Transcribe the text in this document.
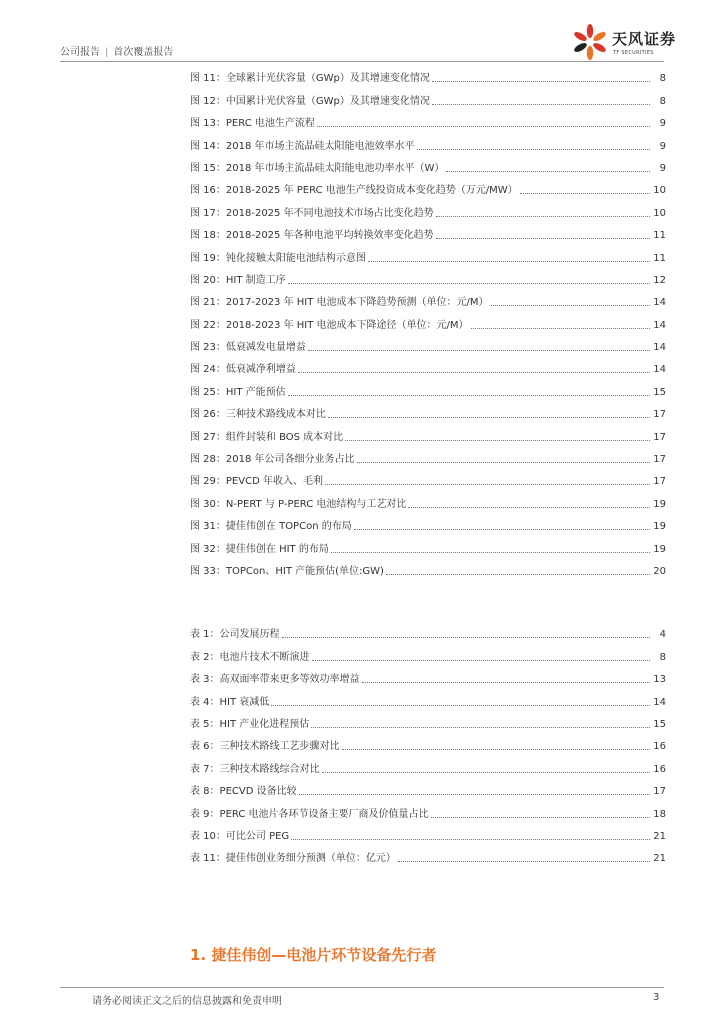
公司报告 | 首次覆盖报告
天风证券
TF SECURITIES
图 11：全球累计光伏容量（GWp）及其增速变化情况	8
图 12：中国累计光伏容量（GWp）及其增速变化情况	8
图 13：PERC 电池生产流程	9
图 14：2018 年市场主流晶硅太阳能电池效率水平	9
图 15：2018 年市场主流晶硅太阳能电池功率水平（W）	9
图 16：2018-2025 年 PERC 电池生产线投资成本变化趋势（万元/MW）	10
图 17：2018-2025 年不同电池技术市场占比变化趋势	10
图 18：2018-2025 年各种电池平均转换效率变化趋势	11
图 19：钝化接触太阳能电池结构示意图	11
图 20：HIT 制造工序	12
图 21：2017-2023 年 HIT 电池成本下降趋势预测（单位：元/M）	14
图 22：2018-2023 年 HIT 电池成本下降途径（单位：元/M）	14
图 23：低衰减发电量增益	14
图 24：低衰减净利增益	14
图 25：HIT 产能预估	15
图 26：三种技术路线成本对比	17
图 27：组件封装和 BOS 成本对比	17
图 28：2018 年公司各细分业务占比	17
图 29：PEVCD 年收入、毛利	17
图 30：N-PERT 与 P-PERC 电池结构与工艺对比	19
图 31：捷佳伟创在 TOPCon 的布局	19
图 32：捷佳伟创在 HIT 的布局	19
图 33：TOPCon、HIT 产能预估(单位:GW)	20
表 1：公司发展历程	4
表 2：电池片技术不断演进	8
表 3：高双面率带来更多等效功率增益	13
表 4：HIT 衰减低	14
表 5：HIT 产业化进程预估	15
表 6：三种技术路线工艺步骤对比	16
表 7：三种技术路线综合对比	16
表 8：PECVD 设备比较	17
表 9：PERC 电池片各环节设备主要厂商及价值量占比	18
表 10：可比公司 PEG	21
表 11：捷佳伟创业务细分预测（单位：亿元）	21
1. 捷佳伟创—电池片环节设备先行者
请务必阅读正文之后的信息披露和免责申明	3
